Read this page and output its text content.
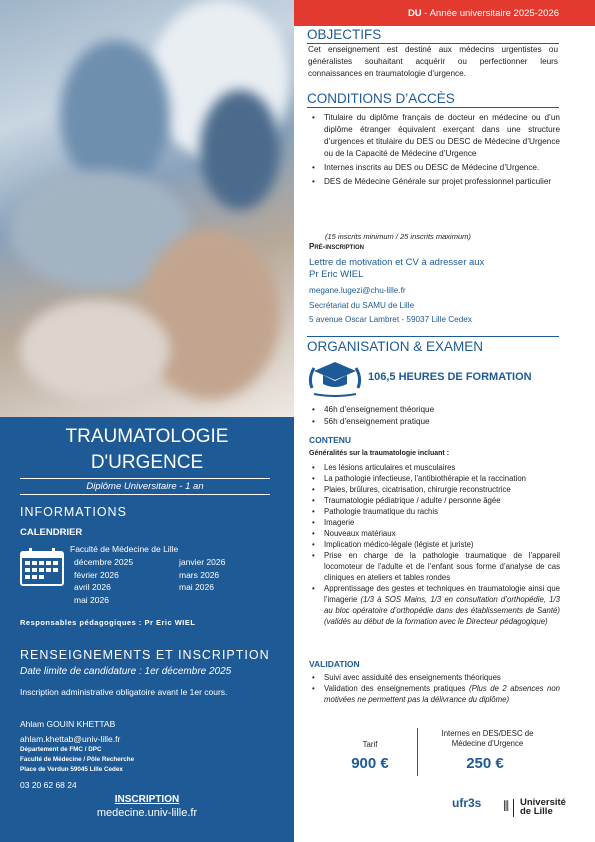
TRAUMATOLOGIE
D'URGENCE
Diplôme Universitaire - 1 an
INFORMATIONS
CALENDRIER
Faculté de Médecine de Lille
décembre 2025	janvier 2026
février 2026	mars 2026
avril 2026	mai 2026
mai 2026
Responsables pédagogiques : Pr Eric WIEL
RENSEIGNEMENTS ET INSCRIPTION
Date limite de candidature : 1er décembre 2025
Inscription administrative obligatoire avant le 1er cours.
Ahlam GOUIN KHETTAB
ahlam.khettab@univ-lille.fr
Département de FMC / DPC
Faculté de Médecine / Pôle Recherche
Place de Verdun 59045 Lille Cedex
03 20 62 68 24
INSCRIPTION
medecine.univ-lille.fr
DU - Année universitaire 2025-2026
OBJECTIFS
Cet enseignement est destiné aux médecins urgentistes ou généralistes souhaitant acquérir ou perfectionner leurs connaissances en traumatologie d’urgence.
CONDITIONS D’ACCÈS
• Titulaire du diplôme français de docteur en médecine ou d’un diplôme étranger équivalent exerçant dans une structure d’urgences et titulaire du DES ou DESC de Médecine d’Urgence ou de la Capacité de Médecine d’Urgence
• Internes inscrits au DES ou DESC de Médecine d’Urgence.
• DES de Médecine Générale sur projet professionnel particulier
(15 inscrits minimum / 25 inscrits maximum)
Pré-inscription
Lettre de motivation et CV à adresser aux
Pr Eric WIEL
megane.lugezi@chu-lille.fr
Secrétariat du SAMU de Lille
5 avenue Oscar Lambret - 59037 Lille Cedex
ORGANISATION & EXAMEN
106,5 HEURES DE FORMATION
• 46h d’enseignement théorique
• 56h d’enseignement pratique
CONTENU
Généralités sur la traumatologie incluant :
• Les lésions articulaires et musculaires
• La pathologie infectieuse, l’antibiothérapie et la raccination
• Plaies, brûlures, cicatrisation, chirurgie reconstructrice
• Traumatologie pédiatrique / adulte / personne âgée
• Pathologie traumatique du rachis
• Imagerie
• Nouveaux matériaux
• Implication médico-légale (légiste et juriste)
• Prise en charge de la pathologie traumatique de l’appareil locomoteur de l’adulte et de l’enfant sous forme d’analyse de cas cliniques en ateliers et tables rondes
• Apprentissage des gestes et techniques en traumatologie ainsi que l’imagerie (1/3 à SOS Mains, 1/3 en consultation d’orthopédie, 1/3 au bloc opératoire d’orthopédie dans des établissements de Santé) (validés au début de la formation avec le Directeur pédagogique)
VALIDATION
• Suivi avec assiduité des enseignements théoriques
• Validation des enseignements pratiques (Plus de 2 absences non motivées ne permettent pas la délivrance du diplôme)
Tarif
Internes en DES/DESC de
Médecine d’Urgence
900 €	250 €
ufr3s ⦀ Université
de Lille
